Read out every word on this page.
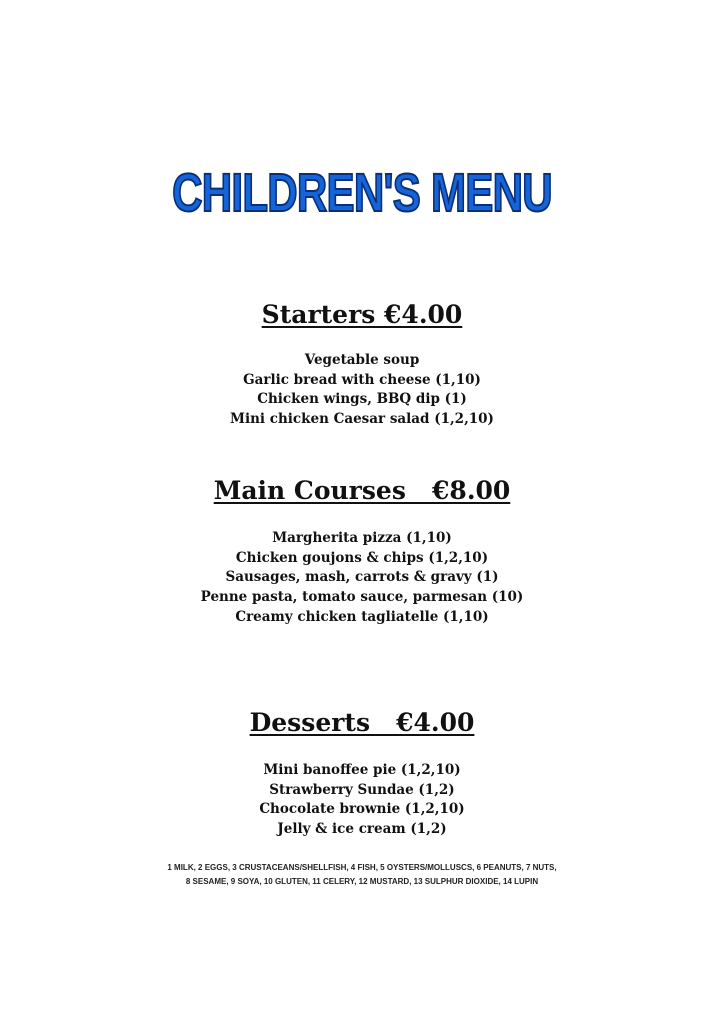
CHILDREN'S MENU
Starters €4.00
Vegetable soup
Garlic bread with cheese (1,10)
Chicken wings, BBQ dip (1)
Mini chicken Caesar salad (1,2,10)
Main Courses   €8.00
Margherita pizza (1,10)
Chicken goujons & chips (1,2,10)
Sausages, mash, carrots & gravy (1)
Penne pasta, tomato sauce, parmesan (10)
Creamy chicken tagliatelle (1,10)
Desserts   €4.00
Mini banoffee pie (1,2,10)
Strawberry Sundae (1,2)
Chocolate brownie (1,2,10)
Jelly & ice cream (1,2)
1 MILK, 2 EGGS, 3 CRUSTACEANS/SHELLFISH, 4 FISH, 5 OYSTERS/MOLLUSCS, 6 PEANUTS, 7 NUTS,
8 SESAME, 9 SOYA, 10 GLUTEN, 11 CELERY, 12 MUSTARD, 13 SULPHUR DIOXIDE, 14 LUPIN
